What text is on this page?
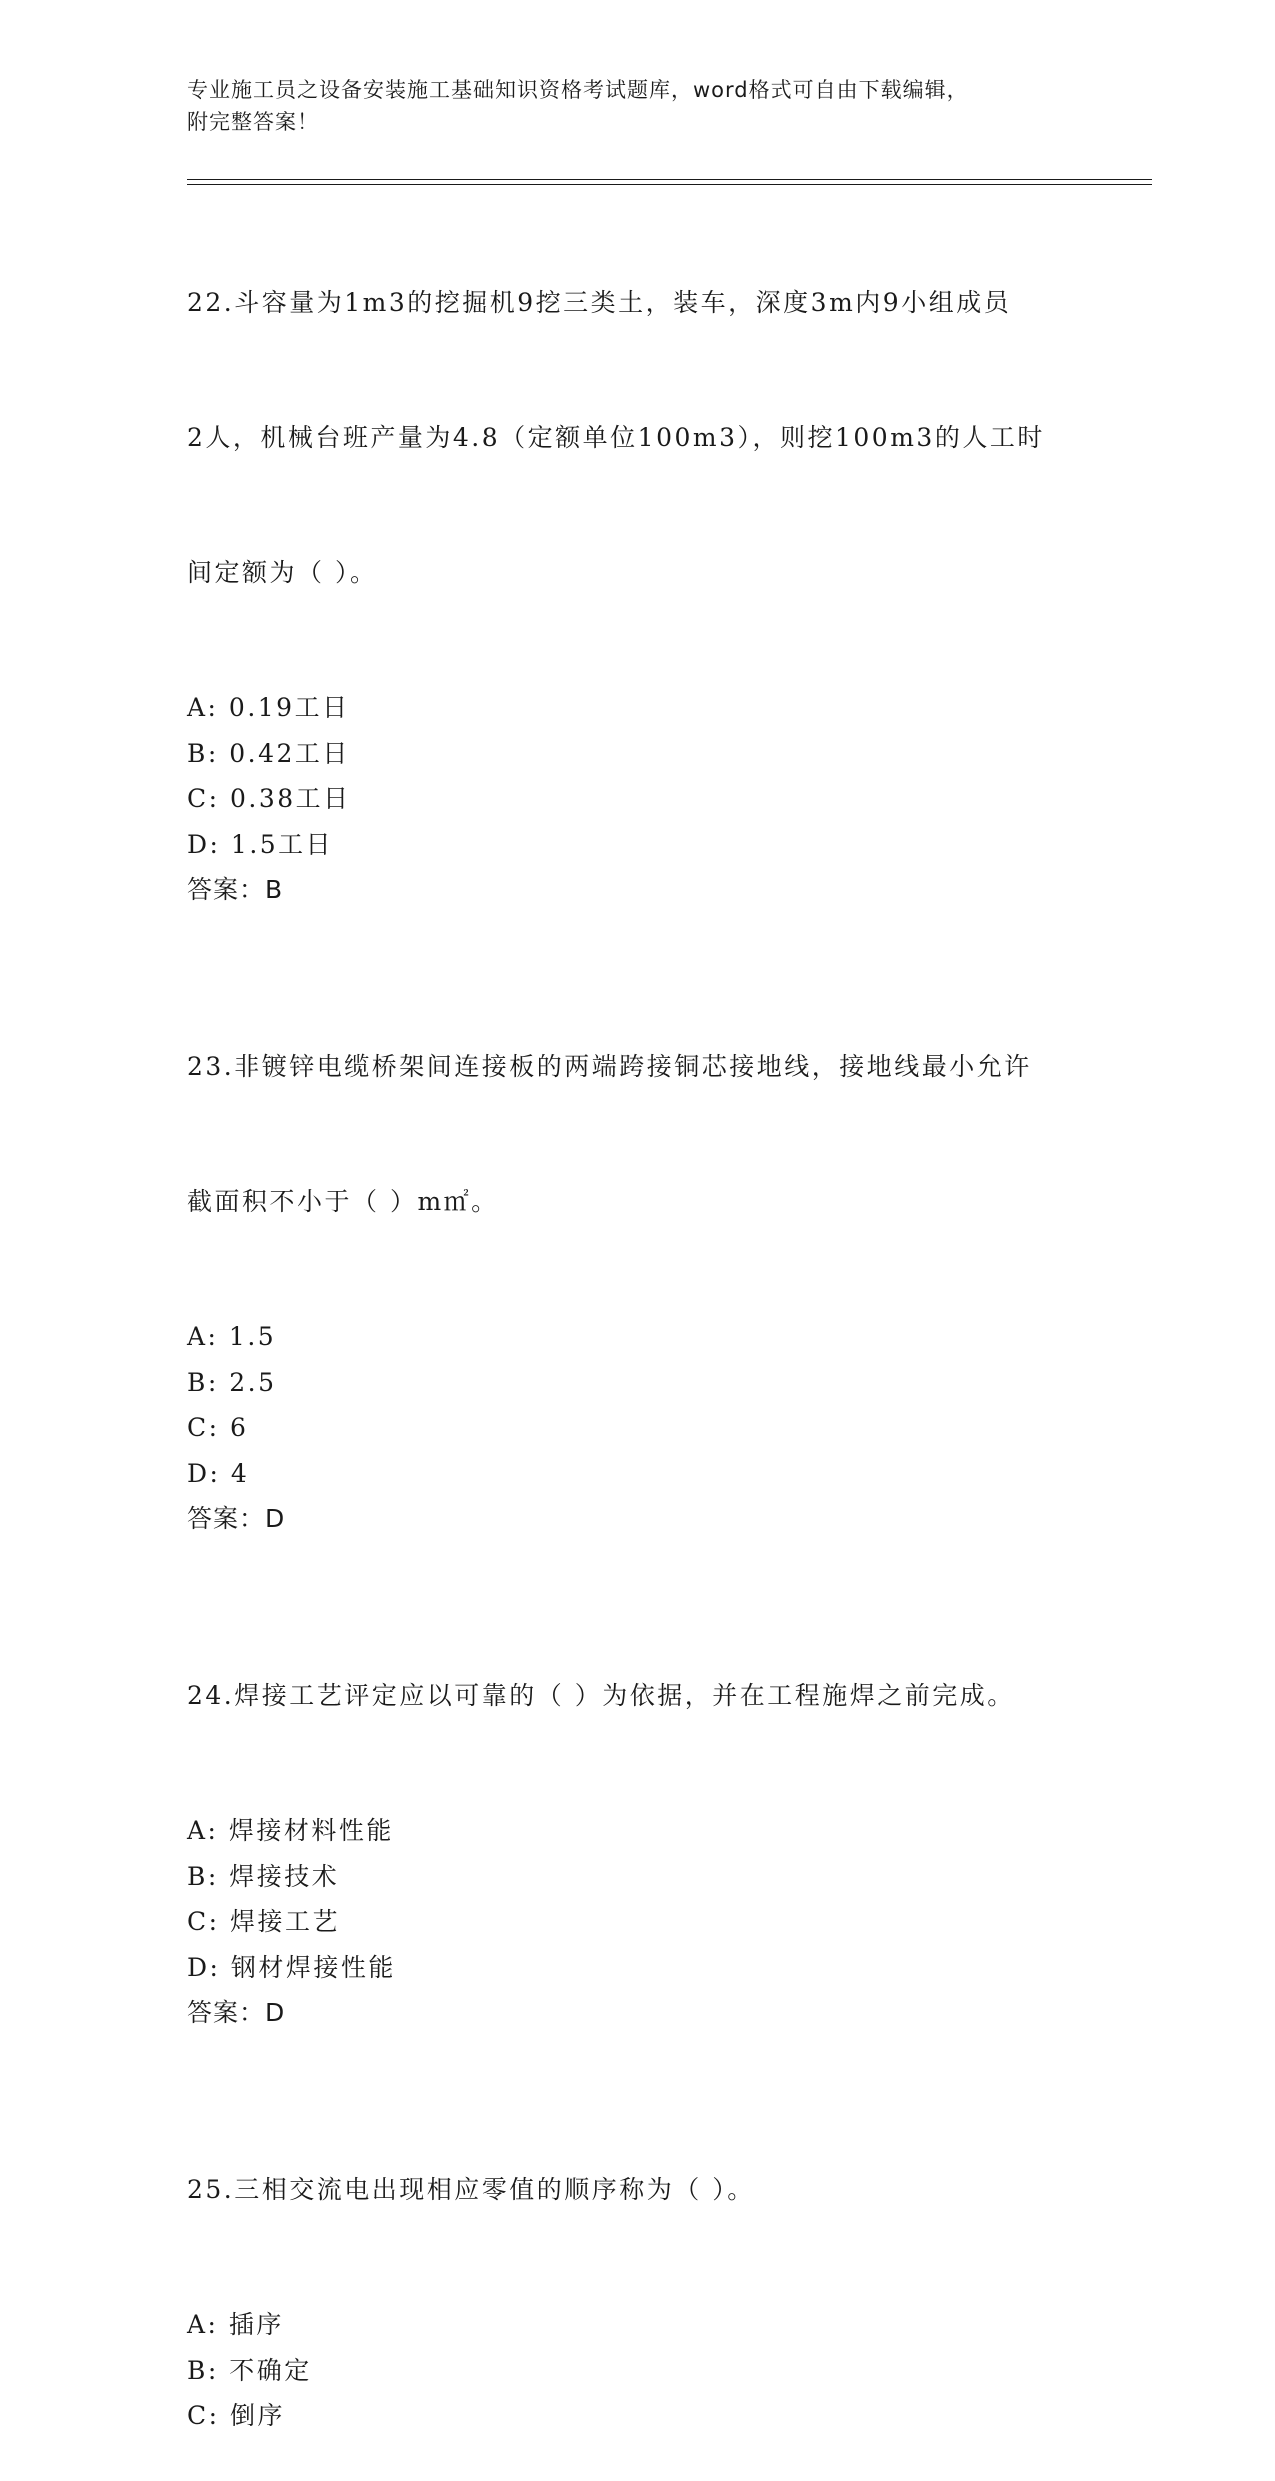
专业施工员之设备安装施工基础知识资格考试题库，word格式可自由下载编辑，
附完整答案！

22.斗容量为1m3的挖掘机9挖三类土，装车，深度3m内9小组成员

2人，机械台班产量为4.8（定额单位100m3），则挖100m3的人工时

间定额为（ ）。

A: 0.19工日
B: 0.42工日
C: 0.38工日
D: 1.5工日
答案：B

23.非镀锌电缆桥架间连接板的两端跨接铜芯接地线，接地线最小允许

截面积不小于（ ）m㎡。

A: 1.5
B: 2.5
C: 6
D: 4
答案：D

24.焊接工艺评定应以可靠的（ ）为依据，并在工程施焊之前完成。

A: 焊接材料性能
B: 焊接技术
C: 焊接工艺
D: 钢材焊接性能
答案：D

25.三相交流电出现相应零值的顺序称为（ ）。

A: 插序
B: 不确定
C: 倒序
